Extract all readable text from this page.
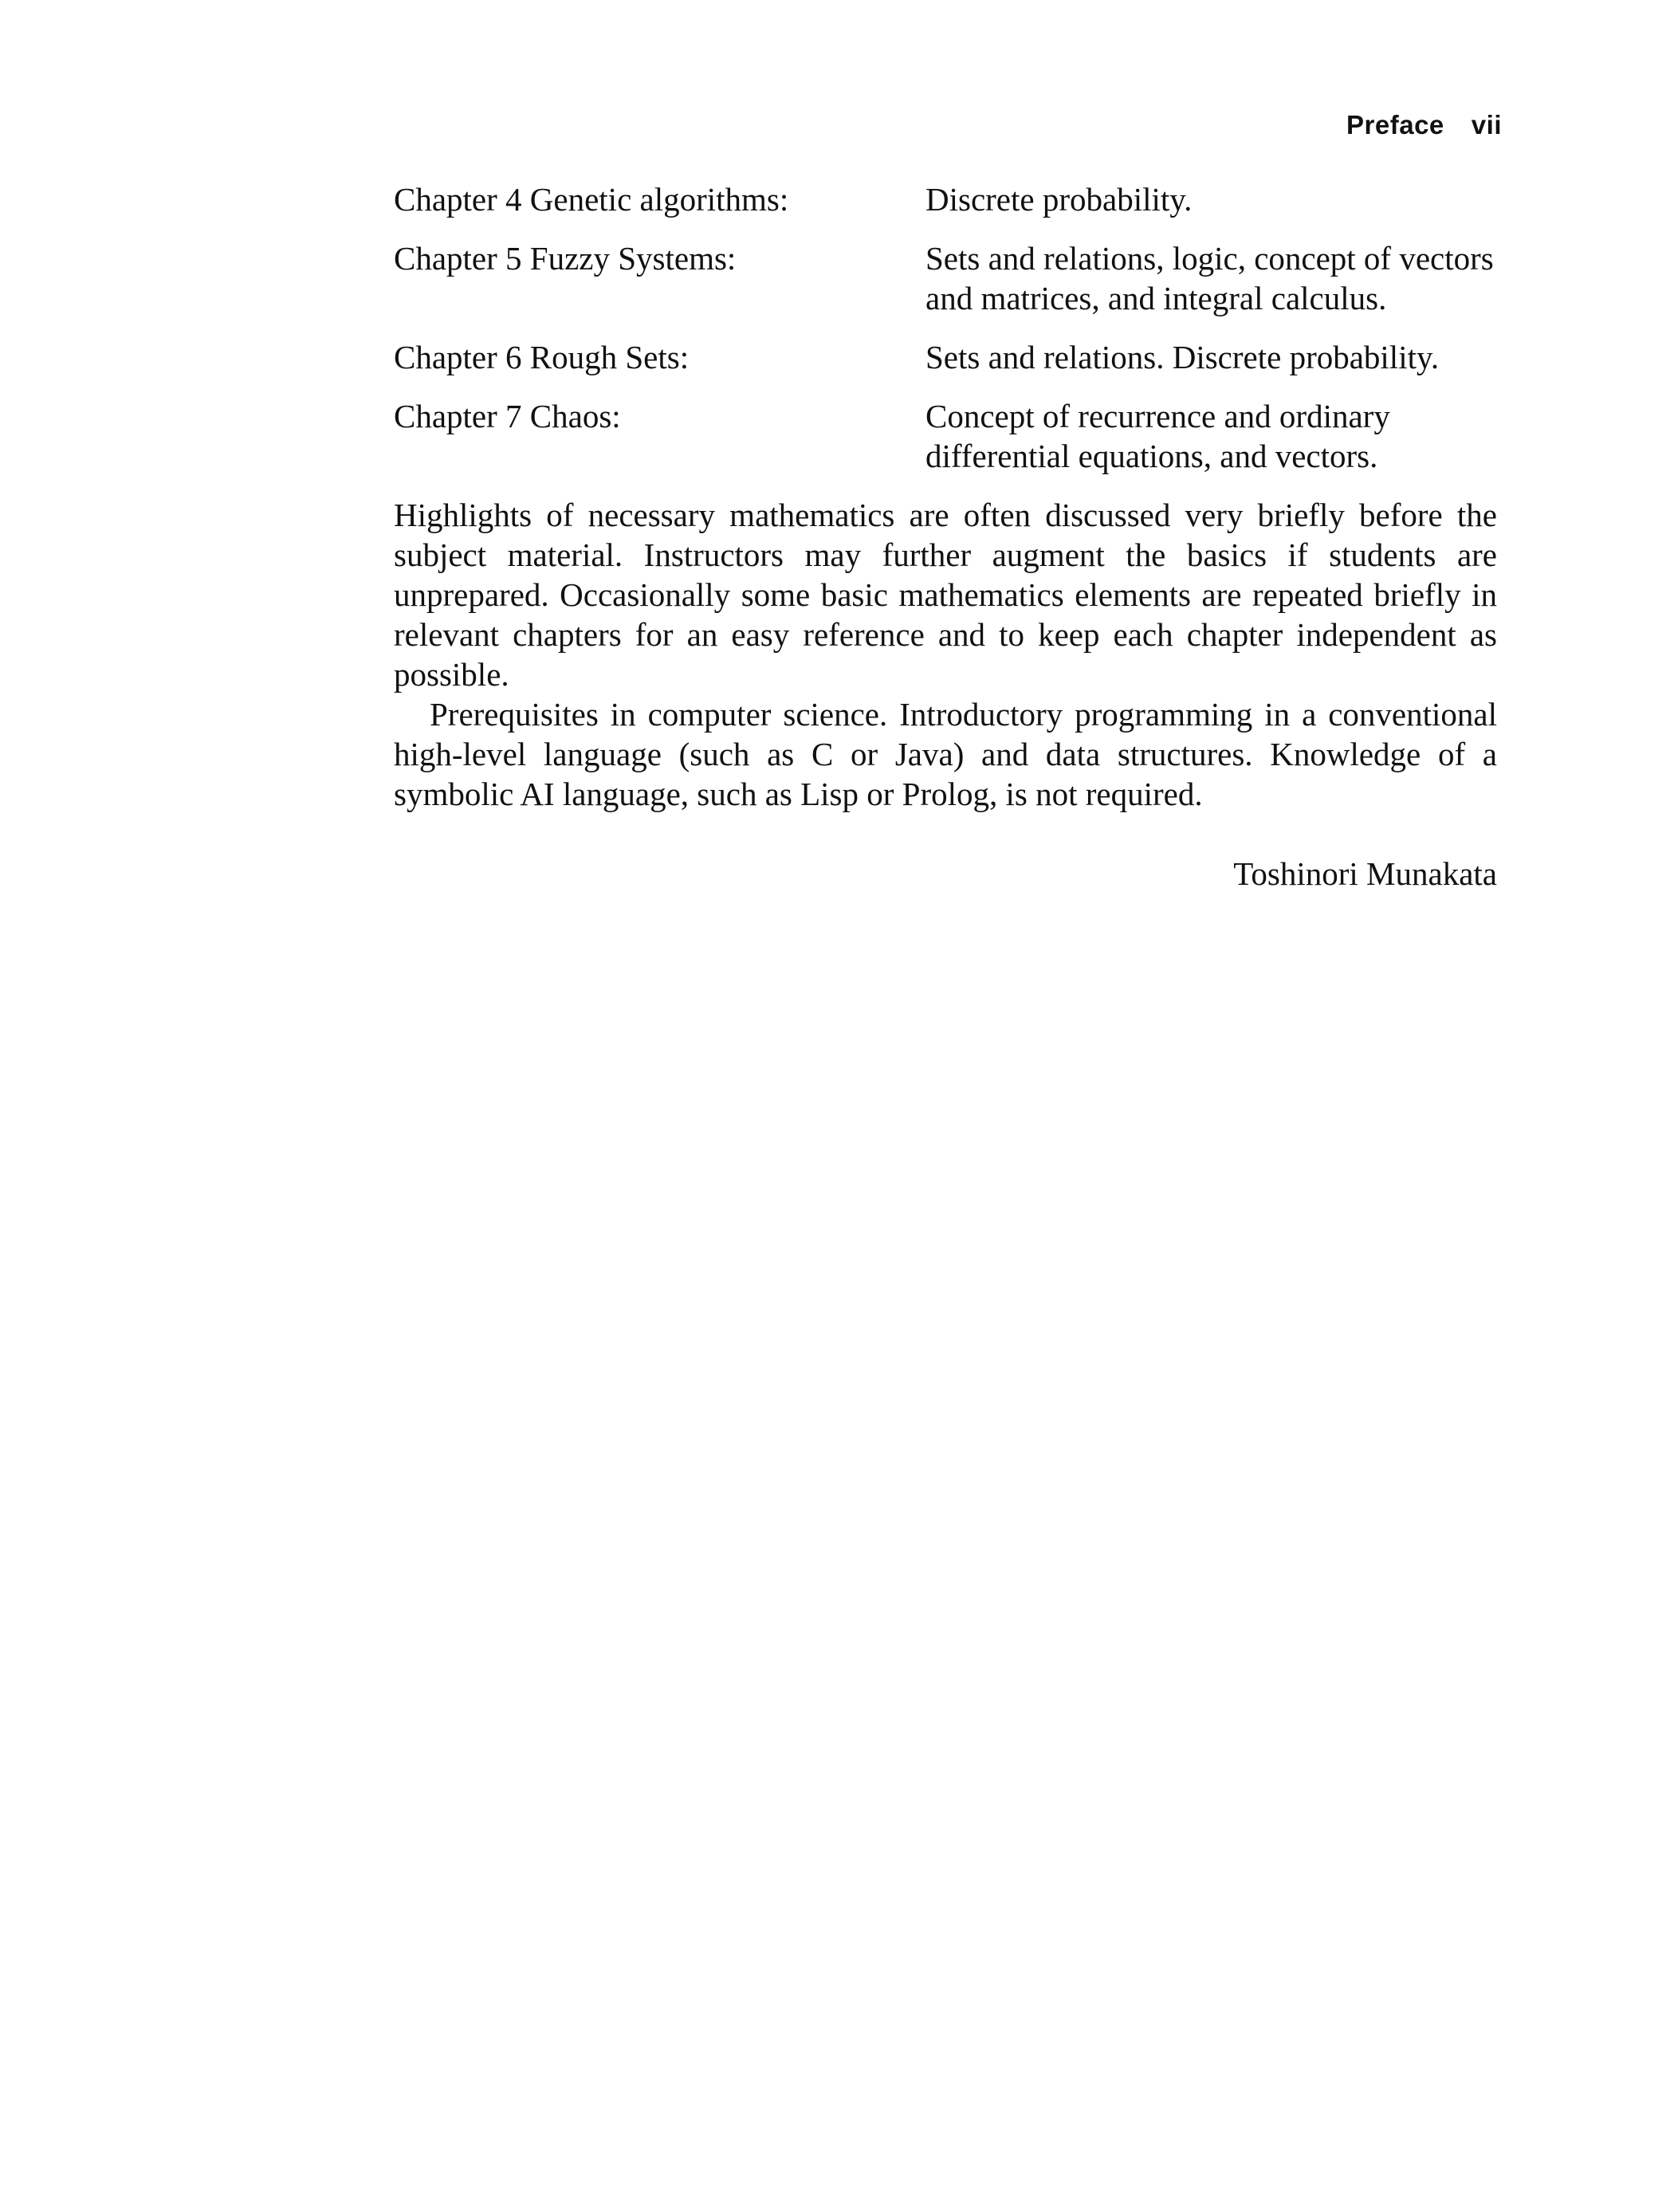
Preface vii
Chapter 4 Genetic algorithms:	Discrete probability.
Chapter 5 Fuzzy Systems:	Sets and relations, logic, concept of vectors and matrices, and integral calculus.
Chapter 6 Rough Sets:	Sets and relations. Discrete probability.
Chapter 7 Chaos:	Concept of recurrence and ordinary differential equations, and vectors.

Highlights of necessary mathematics are often discussed very briefly before the subject material. Instructors may further augment the basics if students are unprepared. Occasionally some basic mathematics elements are repeated briefly in relevant chapters for an easy reference and to keep each chapter independent as possible.

Prerequisites in computer science. Introductory programming in a conventional high-level language (such as C or Java) and data structures. Knowledge of a symbolic AI language, such as Lisp or Prolog, is not required.

Toshinori Munakata
